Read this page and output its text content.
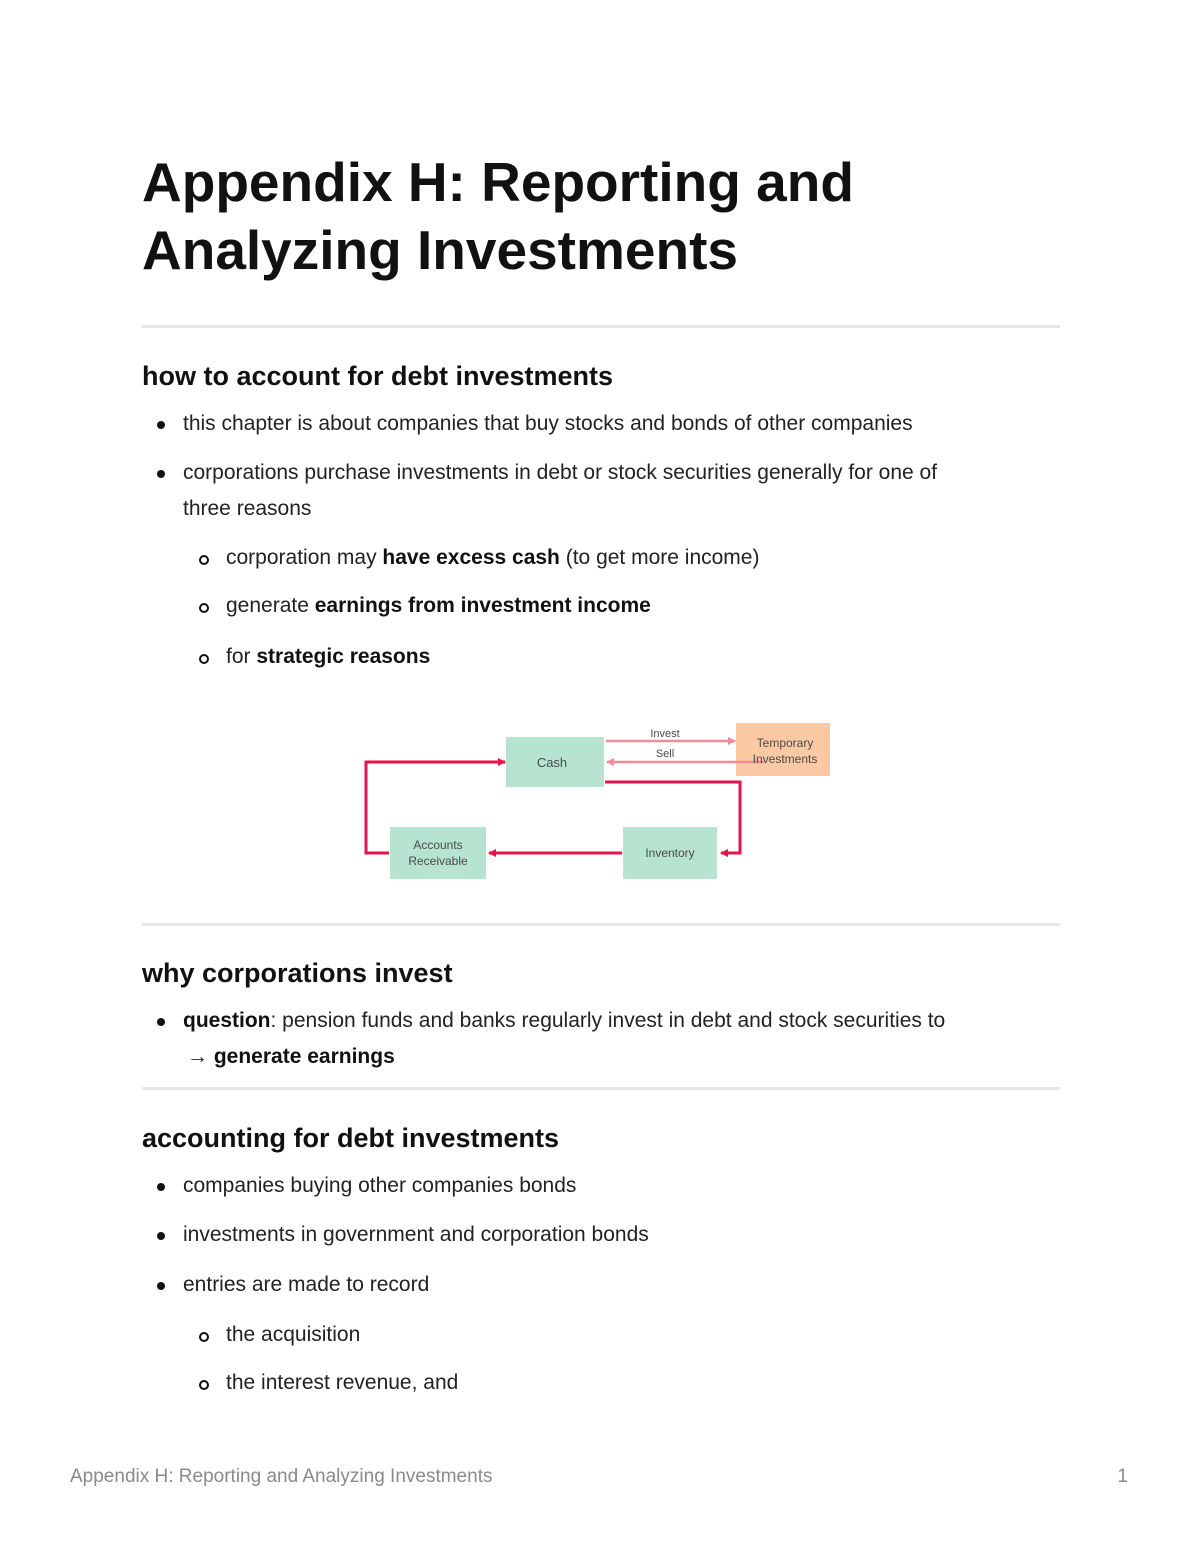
Appendix H: Reporting and
Analyzing Investments
how to account for debt investments
this chapter is about companies that buy stocks and bonds of other companies
corporations purchase investments in debt or stock securities generally for one of
three reasons
corporation may have excess cash (to get more income)
generate earnings from investment income
for strategic reasons
why corporations invest
question: pension funds and banks regularly invest in debt and stock securities to
→ generate earnings
accounting for debt investments
companies buying other companies bonds
investments in government and corporation bonds
entries are made to record
the acquisition
the interest revenue, and
Cash
Invest
Sell
Temporary
Investments
Accounts
Receivable
Inventory
Appendix H: Reporting and Analyzing Investments	1
